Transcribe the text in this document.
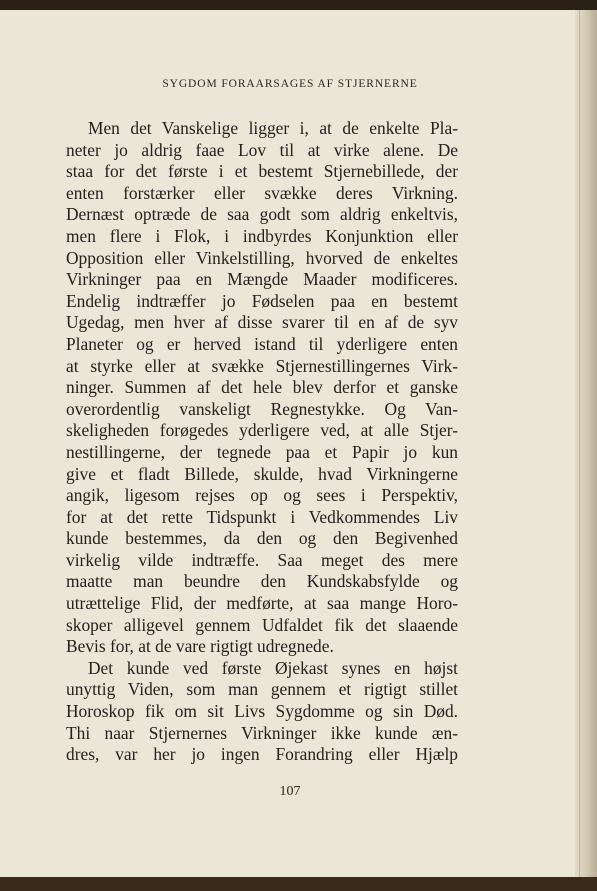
SYGDOM FORAARSAGES AF STJERNERNE
Men det Vanskelige ligger i, at de enkelte Pla-
neter jo aldrig faae Lov til at virke alene. De
staa for det første i et bestemt Stjernebillede, der
enten forstærker eller svække deres Virkning.
Dernæst optræde de saa godt som aldrig enkeltvis,
men flere i Flok, i indbyrdes Konjunktion eller
Opposition eller Vinkelstilling, hvorved de enkeltes
Virkninger paa en Mængde Maader modificeres.
Endelig indtræffer jo Fødselen paa en bestemt
Ugedag, men hver af disse svarer til en af de syv
Planeter og er herved istand til yderligere enten
at styrke eller at svække Stjernestillingernes Virk-
ninger. Summen af det hele blev derfor et ganske
overordentlig vanskeligt Regnestykke. Og Van-
skeligheden forøgedes yderligere ved, at alle Stjer-
nestillingerne, der tegnede paa et Papir jo kun
give et fladt Billede, skulde, hvad Virkningerne
angik, ligesom rejses op og sees i Perspektiv,
for at det rette Tidspunkt i Vedkommendes Liv
kunde bestemmes, da den og den Begivenhed
virkelig vilde indtræffe. Saa meget des mere
maatte man beundre den Kundskabsfylde og
utrættelige Flid, der medførte, at saa mange Horo-
skoper alligevel gennem Udfaldet fik det slaaende
Bevis for, at de vare rigtigt udregnede.
Det kunde ved første Øjekast synes en højst
unyttig Viden, som man gennem et rigtigt stillet
Horoskop fik om sit Livs Sygdomme og sin Død.
Thi naar Stjernernes Virkninger ikke kunde æn-
dres, var her jo ingen Forandring eller Hjælp
107
